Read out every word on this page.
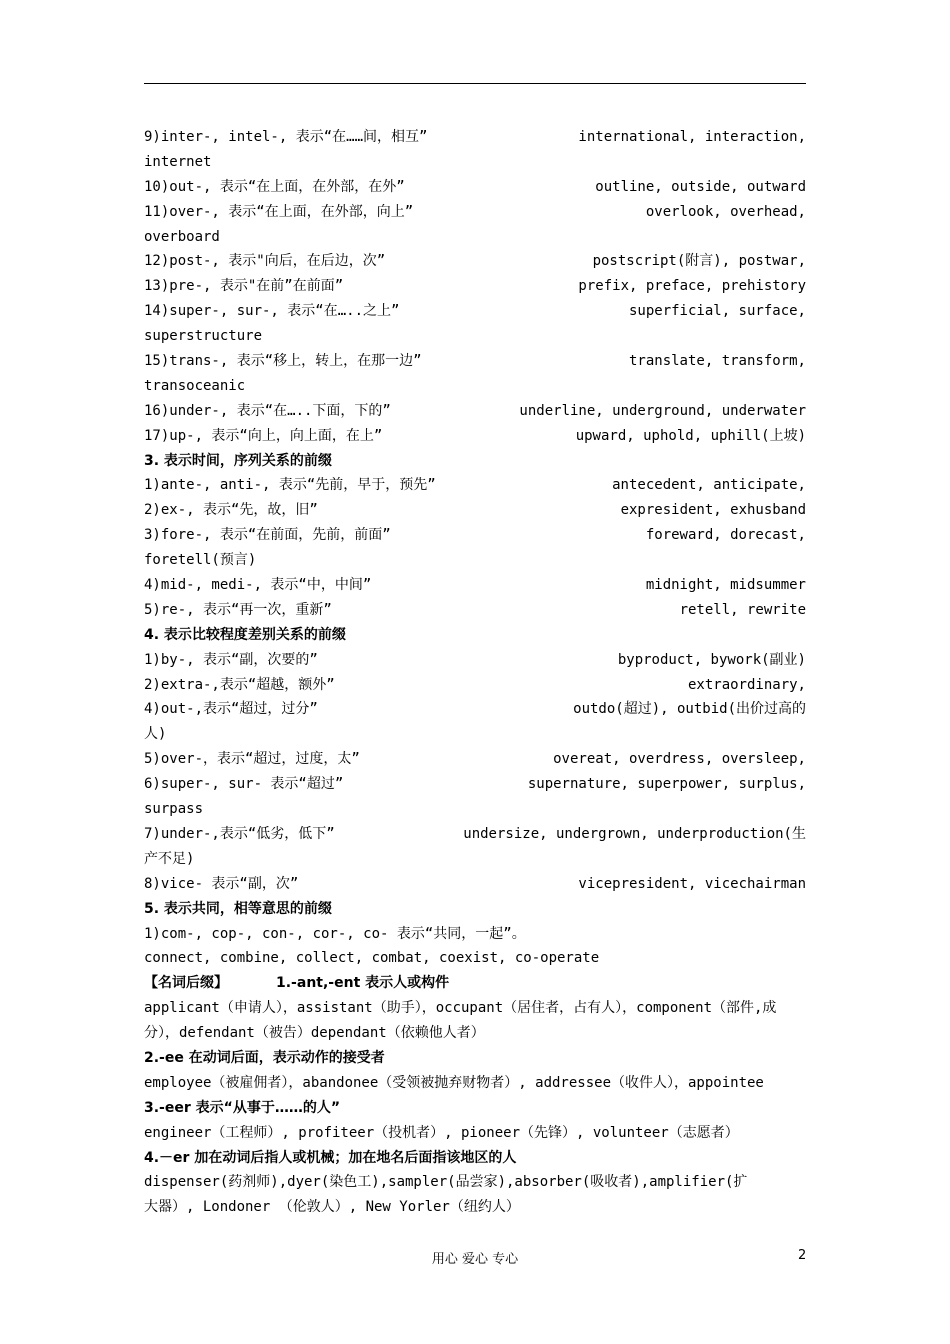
9)inter-, intel-, 表示“在……间，相互”	international, interaction,
internet
10)out-, 表示“在上面，在外部，在外”	outline, outside, outward
11)over-, 表示“在上面，在外部，向上”	overlook, overhead,
overboard
12)post-, 表示"向后，在后边，次”	postscript(附言), postwar,
13)pre-, 表示"在前”在前面”	prefix, preface, prehistory
14)super-, sur-, 表示“在…..之上”	superficial, surface,
superstructure
15)trans-, 表示“移上，转上，在那一边”	translate, transform,
transoceanic
16)under-, 表示“在…..下面，下的”	underline, underground, underwater
17)up-, 表示“向上，向上面，在上”	upward, uphold, uphill(上坡)
3. 表示时间，序列关系的前缀
1)ante-, anti-, 表示“先前，早于，预先”	antecedent, anticipate,
2)ex-, 表示“先，故，旧”	expresident, exhusband
3)fore-, 表示“在前面，先前，前面”	foreward, dorecast,
foretell(预言)
4)mid-, medi-, 表示“中，中间”	midnight, midsummer
5)re-, 表示“再一次，重新”	retell, rewrite
4. 表示比较程度差别关系的前缀
1)by-, 表示“副，次要的”	byproduct, bywork(副业)
2)extra-,表示“超越，额外”	extraordinary,
4)out-,表示“超过，过分”	outdo(超过), outbid(出价过高的
人)
5)over-，表示“超过，过度，太”	overeat, overdress, oversleep,
6)super-, sur- 表示“超过”	supernature, superpower, surplus,
surpass
7)under-,表示“低劣，低下”	undersize, undergrown, underproduction(生
产不足)
8)vice- 表示“副，次”	vicepresident, vicechairman
5. 表示共同，相等意思的前缀
1)com-, cop-, con-, cor-, co- 表示“共同，一起”。
connect, combine, collect, combat, coexist, co-operate
【名词后缀】	1.-ant,-ent 表示人或构件
applicant（申请人），assistant（助手），occupant（居住者，占有人），component（部件,成
分），defendant（被告）dependant（依赖他人者）
2.-ee 在动词后面，表示动作的接受者
employee（被雇佣者），abandonee（受领被抛弃财物者）, addressee（收件人），appointee
3.-eer 表示“从事于……的人”
engineer（工程师）, profiteer（投机者）, pioneer（先锋）, volunteer（志愿者）
4.－er 加在动词后指人或机械；加在地名后面指该地区的人
dispenser(药剂师),dyer(染色工),sampler(品尝家),absorber(吸收者),amplifier(扩
大器）, Londoner （伦敦人）, New Yorler（纽约人）
用心 爱心 专心	2
